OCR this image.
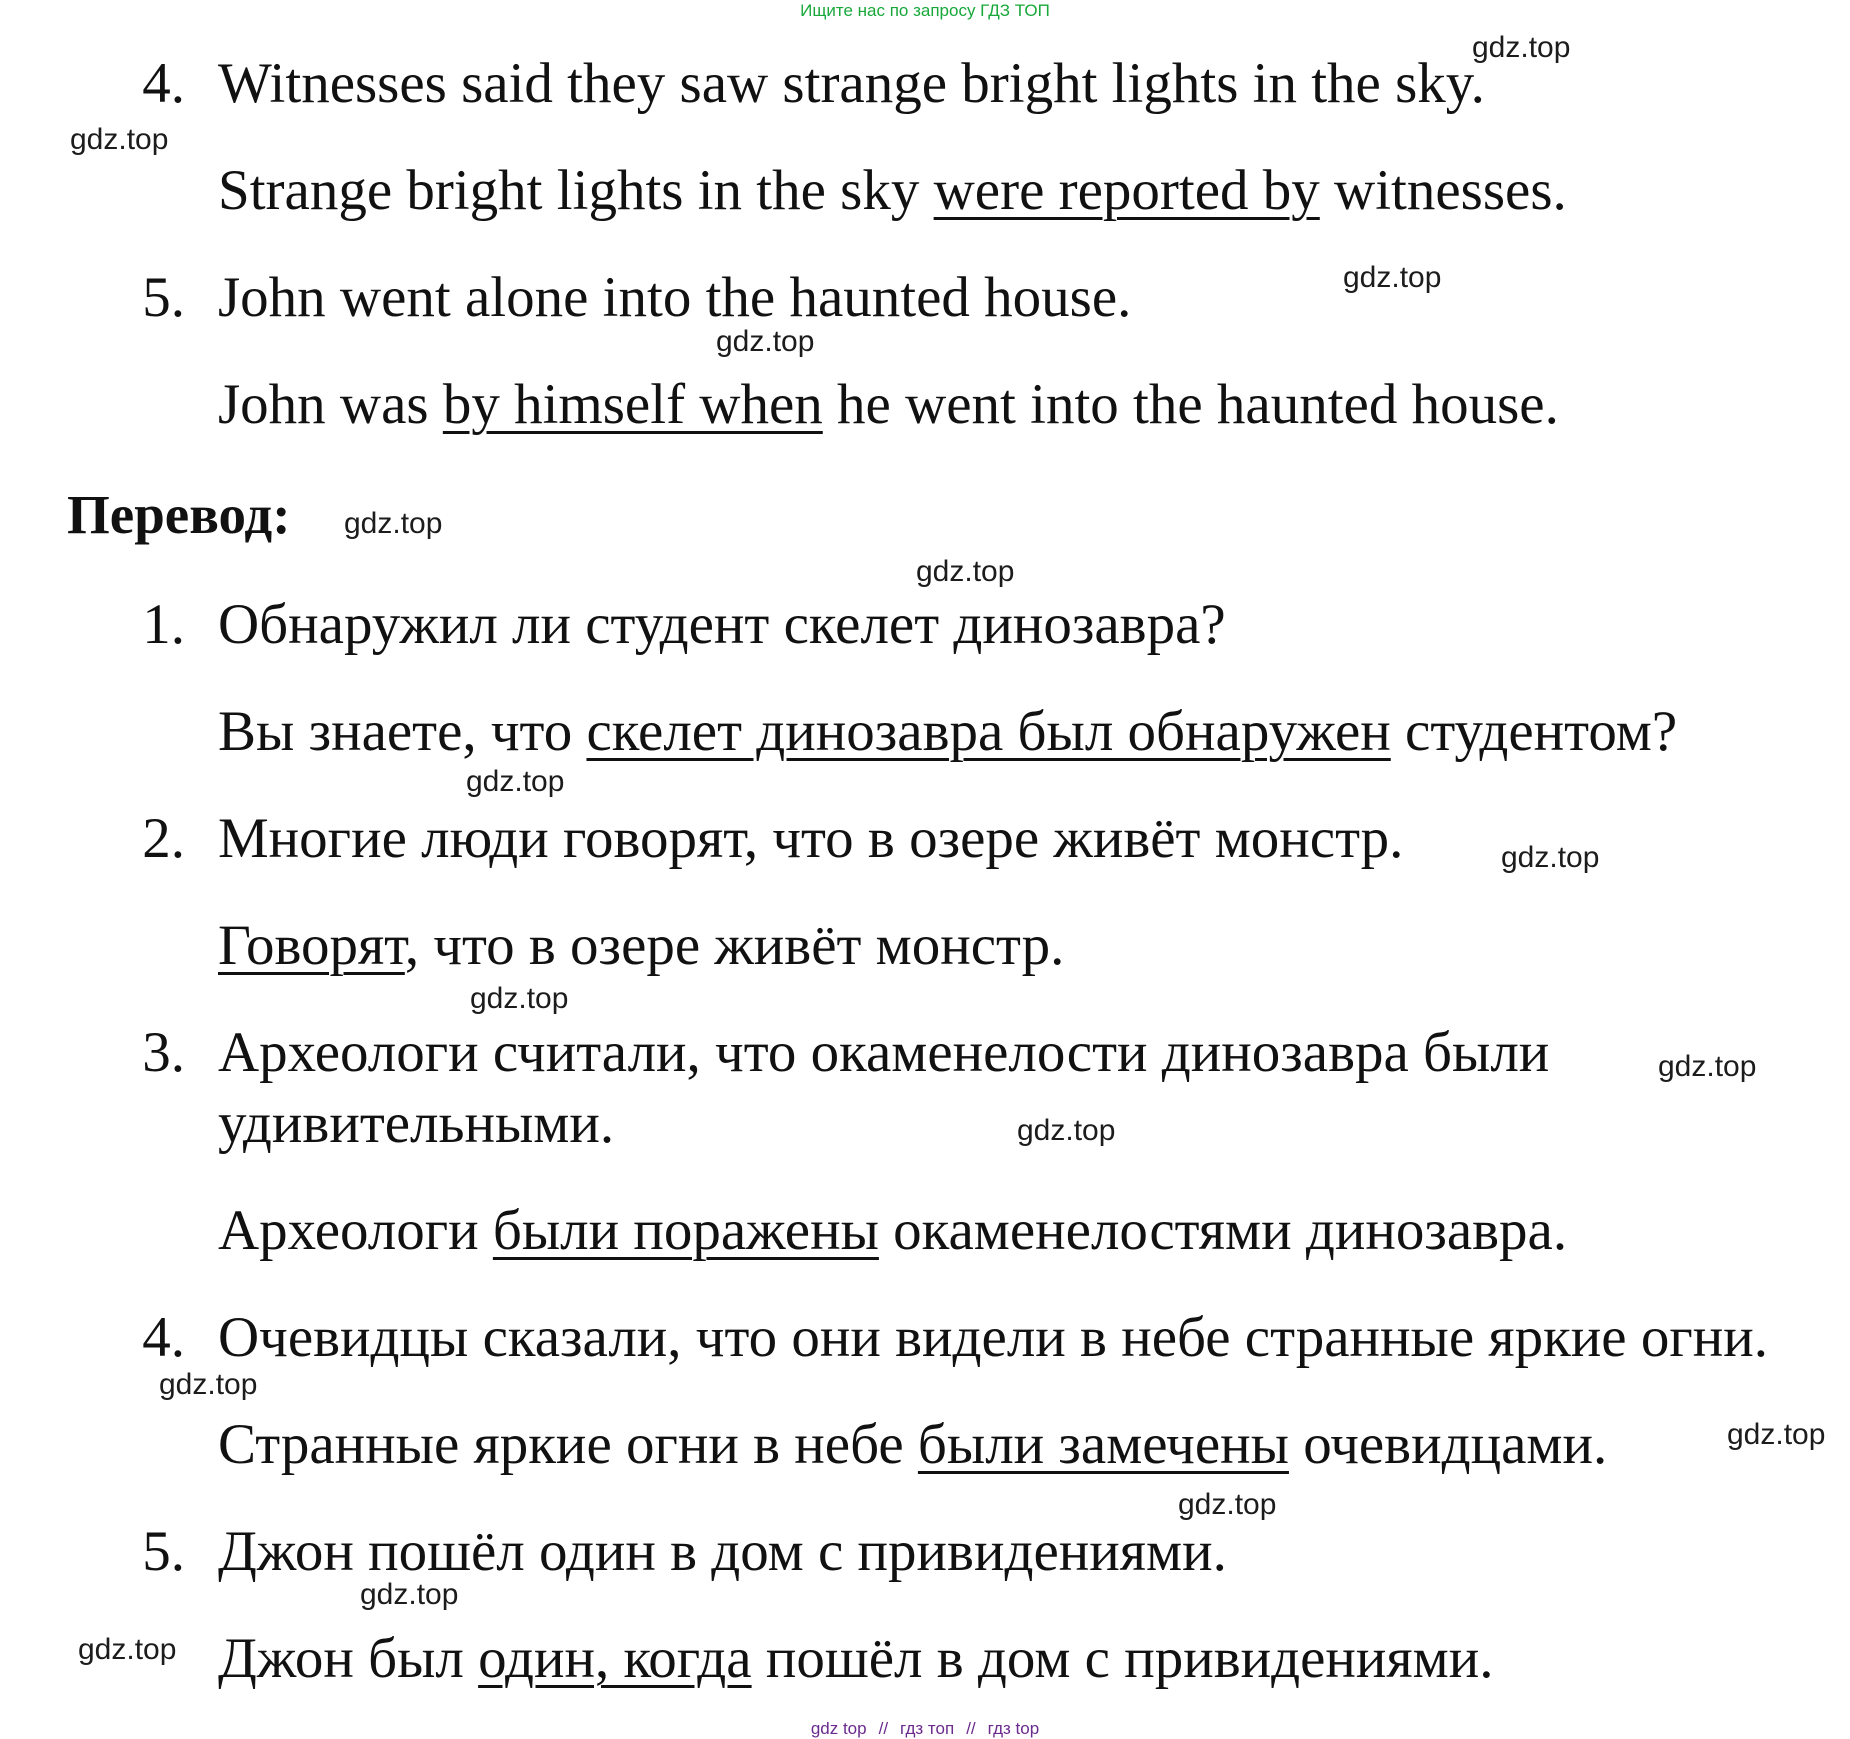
Ищите нас по запросу ГДЗ ТОП
4. Witnesses said they saw strange bright lights in the sky.
Strange bright lights in the sky were reported by witnesses.
5. John went alone into the haunted house.
John was by himself when he went into the haunted house.
Перевод:
1. Обнаружил ли студент скелет динозавра?
Вы знаете, что скелет динозавра был обнаружен студентом?
2. Многие люди говорят, что в озере живёт монстр.
Говорят, что в озере живёт монстр.
3. Археологи считали, что окаменелости динозавра были
удивительными.
Археологи были поражены окаменелостями динозавра.
4. Очевидцы сказали, что они видели в небе странные яркие огни.
Странные яркие огни в небе были замечены очевидцами.
5. Джон пошёл один в дом с привидениями.
Джон был один, когда пошёл в дом с привидениями.
gdz.top
gdz.top
gdz.top
gdz.top
gdz.top
gdz.top
gdz.top
gdz.top
gdz.top
gdz.top
gdz.top
gdz.top
gdz.top
gdz.top
gdz.top
gdz.top
gdz top // гдз топ // гдз top
